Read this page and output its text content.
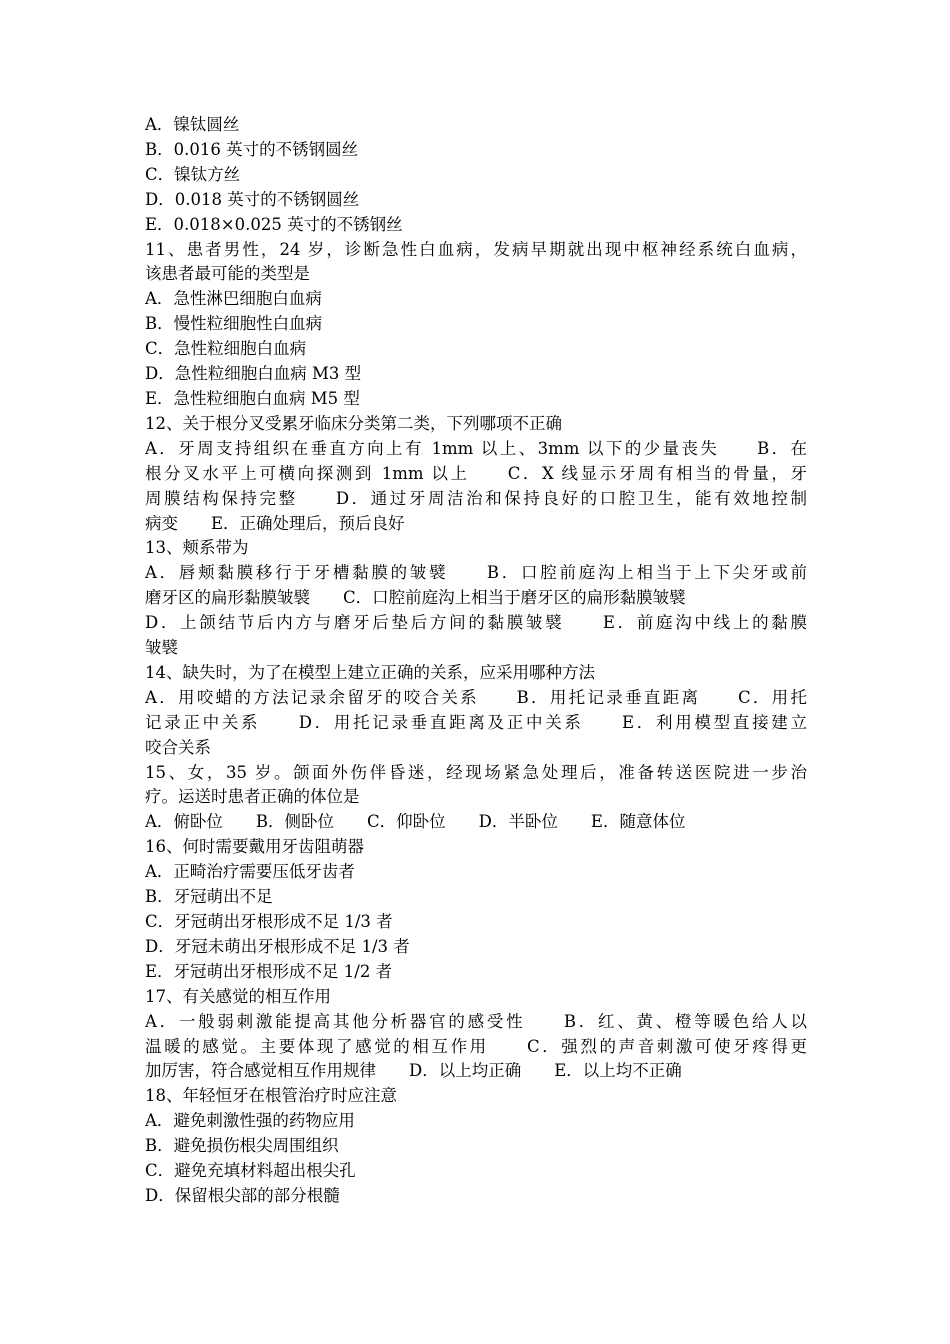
A．镍钛圆丝
B．0.016 英寸的不锈钢圆丝
C．镍钛方丝
D．0.018 英寸的不锈钢圆丝
E．0.018×0.025 英寸的不锈钢丝
11、患者男性，24 岁，诊断急性白血病，发病早期就出现中枢神经系统白血病，
该患者最可能的类型是
A．急性淋巴细胞白血病
B．慢性粒细胞性白血病
C．急性粒细胞白血病
D．急性粒细胞白血病 M3 型
E．急性粒细胞白血病 M5 型
12、关于根分叉受累牙临床分类第二类，下列哪项不正确
A．牙周支持组织在垂直方向上有 1mm 以上、3mm 以下的少量丧失　　B．在
根分叉水平上可横向探测到 1mm 以上　　C．X 线显示牙周有相当的骨量，牙
周膜结构保持完整　　D．通过牙周洁治和保持良好的口腔卫生，能有效地控制
病变　　E．正确处理后，预后良好
13、颊系带为
A．唇颊黏膜移行于牙槽黏膜的皱襞　　B．口腔前庭沟上相当于上下尖牙或前
磨牙区的扁形黏膜皱襞　　C．口腔前庭沟上相当于磨牙区的扁形黏膜皱襞
D．上颌结节后内方与磨牙后垫后方间的黏膜皱襞　　E．前庭沟中线上的黏膜
皱襞
14、缺失时，为了在模型上建立正确的关系，应采用哪种方法
A．用咬蜡的方法记录余留牙的咬合关系　　B．用托记录垂直距离　　C．用托
记录正中关系　　D．用托记录垂直距离及正中关系　　E．利用模型直接建立
咬合关系
15、女，35 岁。颌面外伤伴昏迷，经现场紧急处理后，准备转送医院进一步治
疗。运送时患者正确的体位是
A．俯卧位　　B．侧卧位　　C．仰卧位　　D．半卧位　　E．随意体位
16、何时需要戴用牙齿阻萌器
A．正畸治疗需要压低牙齿者
B．牙冠萌出不足
C．牙冠萌出牙根形成不足 1/3 者
D．牙冠未萌出牙根形成不足 1/3 者
E．牙冠萌出牙根形成不足 1/2 者
17、有关感觉的相互作用
A．一般弱刺激能提高其他分析器官的感受性　　B．红、黄、橙等暖色给人以
温暖的感觉。主要体现了感觉的相互作用　　C．强烈的声音刺激可使牙疼得更
加厉害，符合感觉相互作用规律　　D．以上均正确　　E．以上均不正确
18、年轻恒牙在根管治疗时应注意
A．避免刺激性强的药物应用
B．避免损伤根尖周围组织
C．避免充填材料超出根尖孔
D．保留根尖部的部分根髓
